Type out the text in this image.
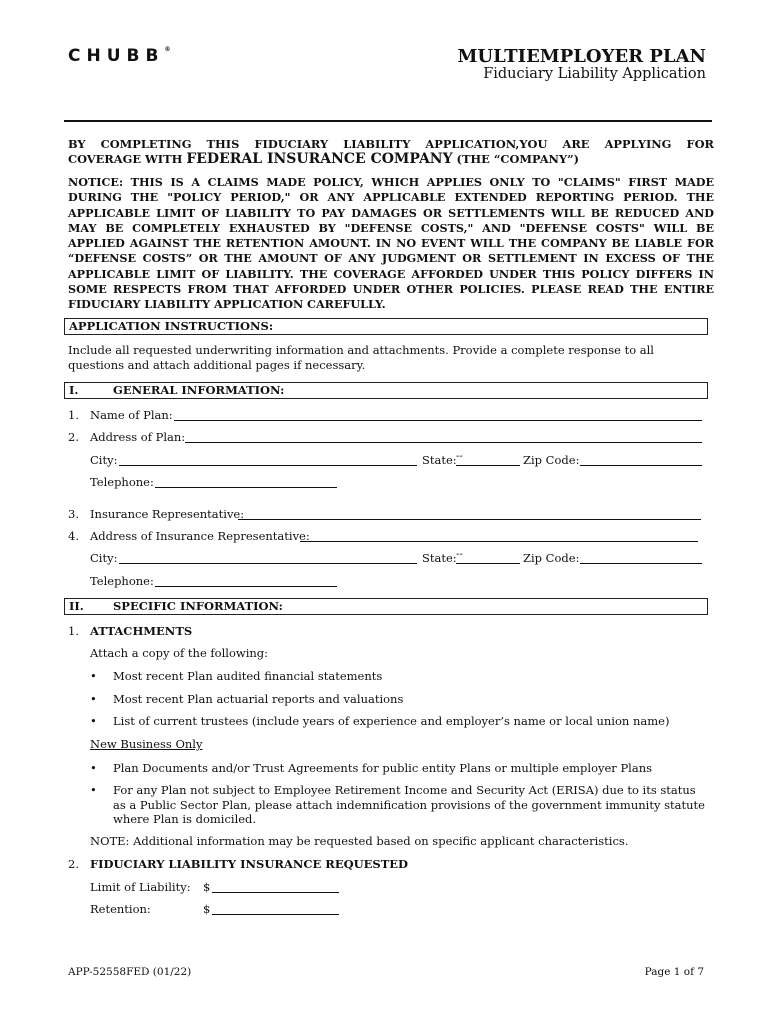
CHUBB®	MULTIEMPLOYER PLAN
Fiduciary Liability Application
BY COMPLETING THIS FIDUCIARY LIABILITY APPLICATION,YOU ARE APPLYING FOR
COVERAGE WITH FEDERAL INSURANCE COMPANY (THE “COMPANY”)
NOTICE: THIS IS A CLAIMS MADE POLICY, WHICH APPLIES ONLY TO "CLAIMS" FIRST MADE DURING THE "POLICY PERIOD," OR ANY APPLICABLE EXTENDED REPORTING PERIOD. THE APPLICABLE LIMIT OF LIABILITY TO PAY DAMAGES OR SETTLEMENTS WILL BE REDUCED AND MAY BE COMPLETELY EXHAUSTED BY "DEFENSE COSTS," AND "DEFENSE COSTS" WILL BE APPLIED AGAINST THE RETENTION AMOUNT. IN NO EVENT WILL THE COMPANY BE LIABLE FOR “DEFENSE COSTS” OR THE AMOUNT OF ANY JUDGMENT OR SETTLEMENT IN EXCESS OF THE APPLICABLE LIMIT OF LIABILITY. THE COVERAGE AFFORDED UNDER THIS POLICY DIFFERS IN SOME RESPECTS FROM THAT AFFORDED UNDER OTHER POLICIES. PLEASE READ THE ENTIRE FIDUCIARY LIABILITY APPLICATION CAREFULLY.
APPLICATION INSTRUCTIONS:
Include all requested underwriting information and attachments. Provide a complete response to all questions and attach additional pages if necessary.
I.	GENERAL INFORMATION:
1. Name of Plan:
2. Address of Plan:
City:	State: --	Zip Code:
Telephone:
3. Insurance Representative:
4. Address of Insurance Representative:
City:	State: --	Zip Code:
Telephone:
II.	SPECIFIC INFORMATION:
1. ATTACHMENTS
Attach a copy of the following:
• Most recent Plan audited financial statements
• Most recent Plan actuarial reports and valuations
• List of current trustees (include years of experience and employer’s name or local union name)
New Business Only
• Plan Documents and/or Trust Agreements for public entity Plans or multiple employer Plans
• For any Plan not subject to Employee Retirement Income and Security Act (ERISA) due to its status as a Public Sector Plan, please attach indemnification provisions of the government immunity statute where Plan is domiciled.
NOTE: Additional information may be requested based on specific applicant characteristics.
2. FIDUCIARY LIABILITY INSURANCE REQUESTED
Limit of Liability: $
Retention:	$
APP-52558FED (01/22)	Page 1 of 7
